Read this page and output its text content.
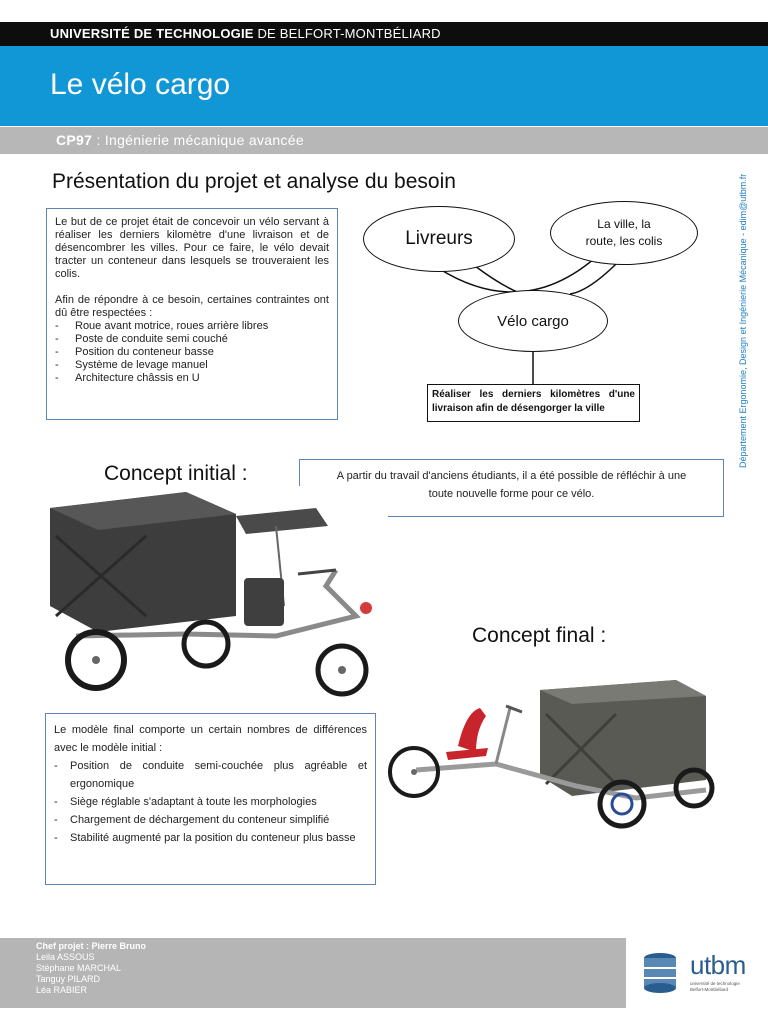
UNIVERSITÉ DE TECHNOLOGIE DE BELFORT-MONTBÉLIARD
Le vélo cargo
CP97 : Ingénierie mécanique avancée
Département Ergonomie, Design et Ingénierie Mécanique - edim@utbm.fr
Présentation du projet et analyse du besoin

Le but de ce projet était de concevoir un vélo servant à réaliser les derniers kilomètre d'une livraison et de désencombrer les villes. Pour ce faire, le vélo devait tracter un conteneur dans lesquels se trouveraient les colis.

Afin de répondre à ce besoin, certaines contraintes ont dû être respectées :
- Roue avant motrice, roues arrière libres
- Poste de conduite semi couché
- Position du conteneur basse
- Système de levage manuel
- Architecture châssis en U
Livreurs
La ville, la
route, les colis
Vélo cargo
Réaliser les derniers kilomètres d'une livraison afin de désengorger la ville
Concept initial :	A partir du travail d'anciens étudiants, il a été possible de réfléchir à une
toute nouvelle forme pour ce vélo.
Concept final :
Le modèle final comporte un certain nombres de différences avec le modèle initial :
- Position de conduite semi-couchée plus agréable et ergonomique
- Siège réglable s'adaptant à toute les morphologies
- Chargement de déchargement du conteneur simplifié
- Stabilité augmenté par la position du conteneur plus basse
Chef projet : Pierre Bruno
Leila ASSOUS
Stéphane MARCHAL
Tanguy PILARD
Léa RABIER
utbm
université de technologie
Belfort-Montbéliard
